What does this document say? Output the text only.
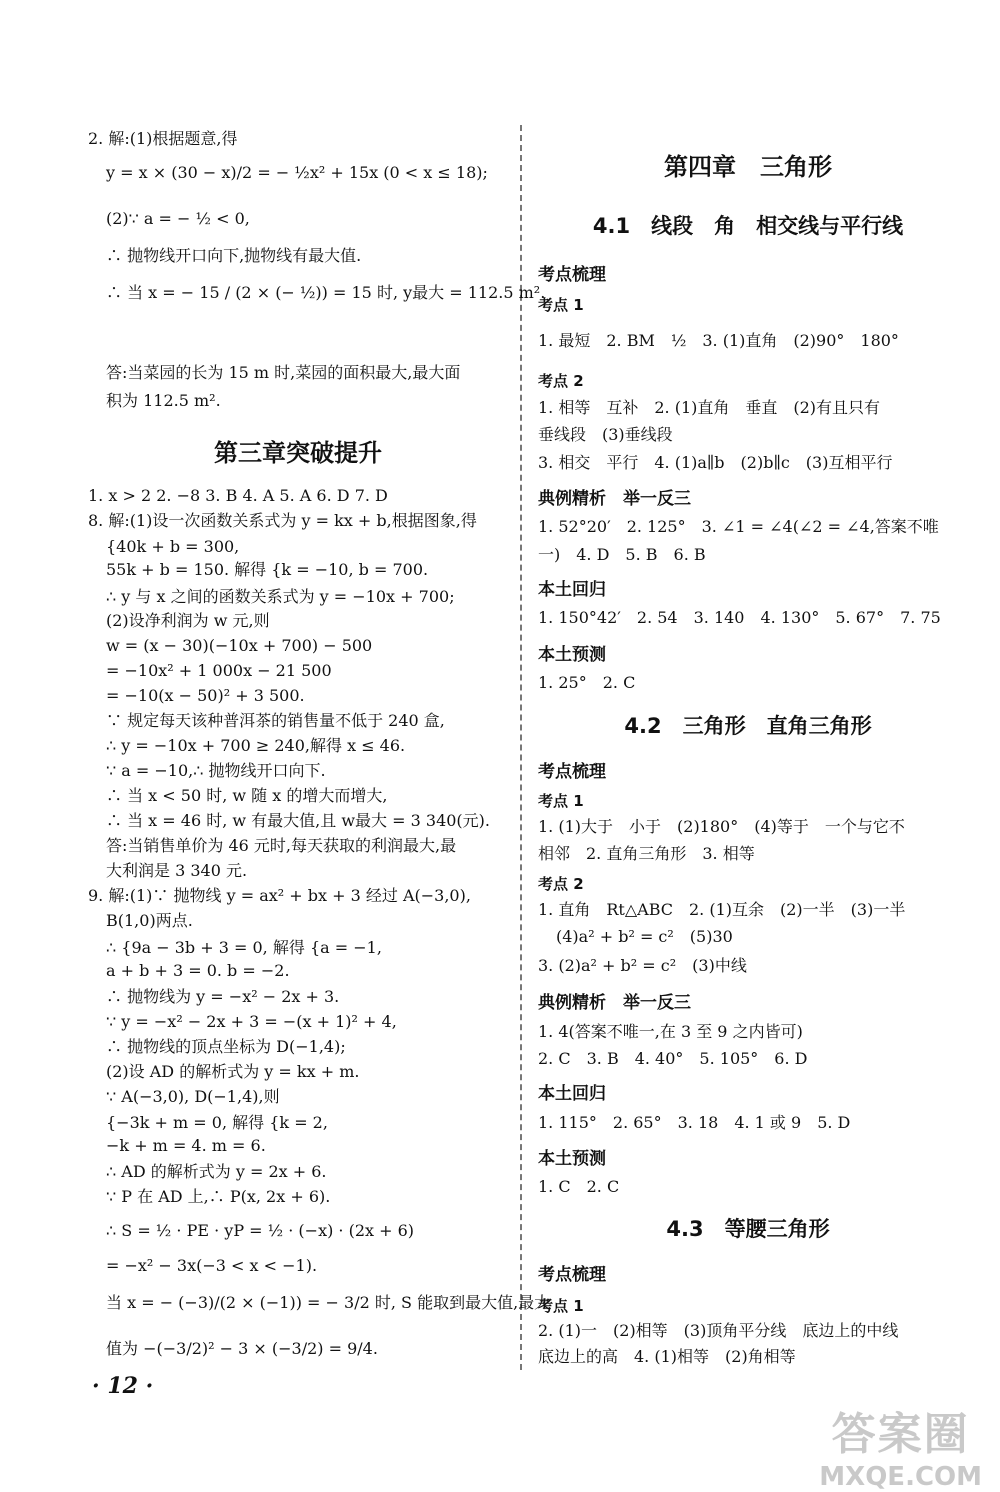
2. 解:(1)根据题意,得
y = x × (30 − x)/2 = − ½x² + 15x (0 < x ≤ 18);
(2)∵ a = − ½ < 0,
∴ 抛物线开口向下,抛物线有最大值.
∴ 当 x = − 15 / (2 × (− ½)) = 15 时, y最大 = 112.5 m².
答:当菜园的长为 15 m 时,菜园的面积最大,最大面
积为 112.5 m².
第三章突破提升
1. x > 2 2. −8 3. B 4. A 5. A 6. D 7. D
8. 解:(1)设一次函数关系式为 y = kx + b,根据图象,得
{40k + b = 300,
55k + b = 150. 解得 {k = −10, b = 700.
∴ y 与 x 之间的函数关系式为 y = −10x + 700;
(2)设净利润为 w 元,则
w = (x − 30)(−10x + 700) − 500
= −10x² + 1 000x − 21 500
= −10(x − 50)² + 3 500.
∵ 规定每天该种普洱茶的销售量不低于 240 盒,
∴ y = −10x + 700 ≥ 240,解得 x ≤ 46.
∵ a = −10,∴ 抛物线开口向下.
∴ 当 x < 50 时, w 随 x 的增大而增大,
∴ 当 x = 46 时, w 有最大值,且 w最大 = 3 340(元).
答:当销售单价为 46 元时,每天获取的利润最大,最
大利润是 3 340 元.
9. 解:(1)∵ 抛物线 y = ax² + bx + 3 经过 A(−3,0),
B(1,0)两点.
∴ {9a − 3b + 3 = 0, 解得 {a = −1,
a + b + 3 = 0. b = −2.
∴ 抛物线为 y = −x² − 2x + 3.
∵ y = −x² − 2x + 3 = −(x + 1)² + 4,
∴ 抛物线的顶点坐标为 D(−1,4);
(2)设 AD 的解析式为 y = kx + m.
∵ A(−3,0), D(−1,4),则
{−3k + m = 0, 解得 {k = 2,
−k + m = 4. m = 6.
∴ AD 的解析式为 y = 2x + 6.
∵ P 在 AD 上,∴ P(x, 2x + 6).
∴ S = ½ · PE · yP = ½ · (−x) · (2x + 6)
= −x² − 3x(−3 < x < −1).
当 x = − (−3)/(2 × (−1)) = − 3/2 时, S 能取到最大值,最大
值为 −(−3/2)² − 3 × (−3/2) = 9/4.
第四章　三角形
4.1　线段　角　相交线与平行线
考点梳理
考点 1
1. 最短　2. BM　½　3. (1)直角　(2)90°　180°
考点 2
1. 相等　互补　2. (1)直角　垂直　(2)有且只有
垂线段　(3)垂线段
3. 相交　平行　4. (1)a∥b　(2)b∥c　(3)互相平行
典例精析　举一反三
1. 52°20′　2. 125°　3. ∠1 = ∠4(∠2 = ∠4,答案不唯
一)　4. D　5. B　6. B
本土回归
1. 150°42′　2. 54　3. 140　4. 130°　5. 67°　7. 75
本土预测
1. 25°　2. C
4.2　三角形　直角三角形
考点梳理
考点 1
1. (1)大于　小于　(2)180°　(4)等于　一个与它不
相邻　2. 直角三角形　3. 相等
考点 2
1. 直角　Rt△ABC　2. (1)互余　(2)一半　(3)一半
(4)a² + b² = c²　(5)30
3. (2)a² + b² = c²　(3)中线
典例精析　举一反三
1. 4(答案不唯一,在 3 至 9 之内皆可)
2. C　3. B　4. 40°　5. 105°　6. D
本土回归
1. 115°　2. 65°　3. 18　4. 1 或 9　5. D
本土预测
1. C　2. C
4.3　等腰三角形
考点梳理
考点 1
2. (1)一　(2)相等　(3)顶角平分线　底边上的中线
底边上的高　4. (1)相等　(2)角相等
· 12 ·
答案圈
MXQE.COM
